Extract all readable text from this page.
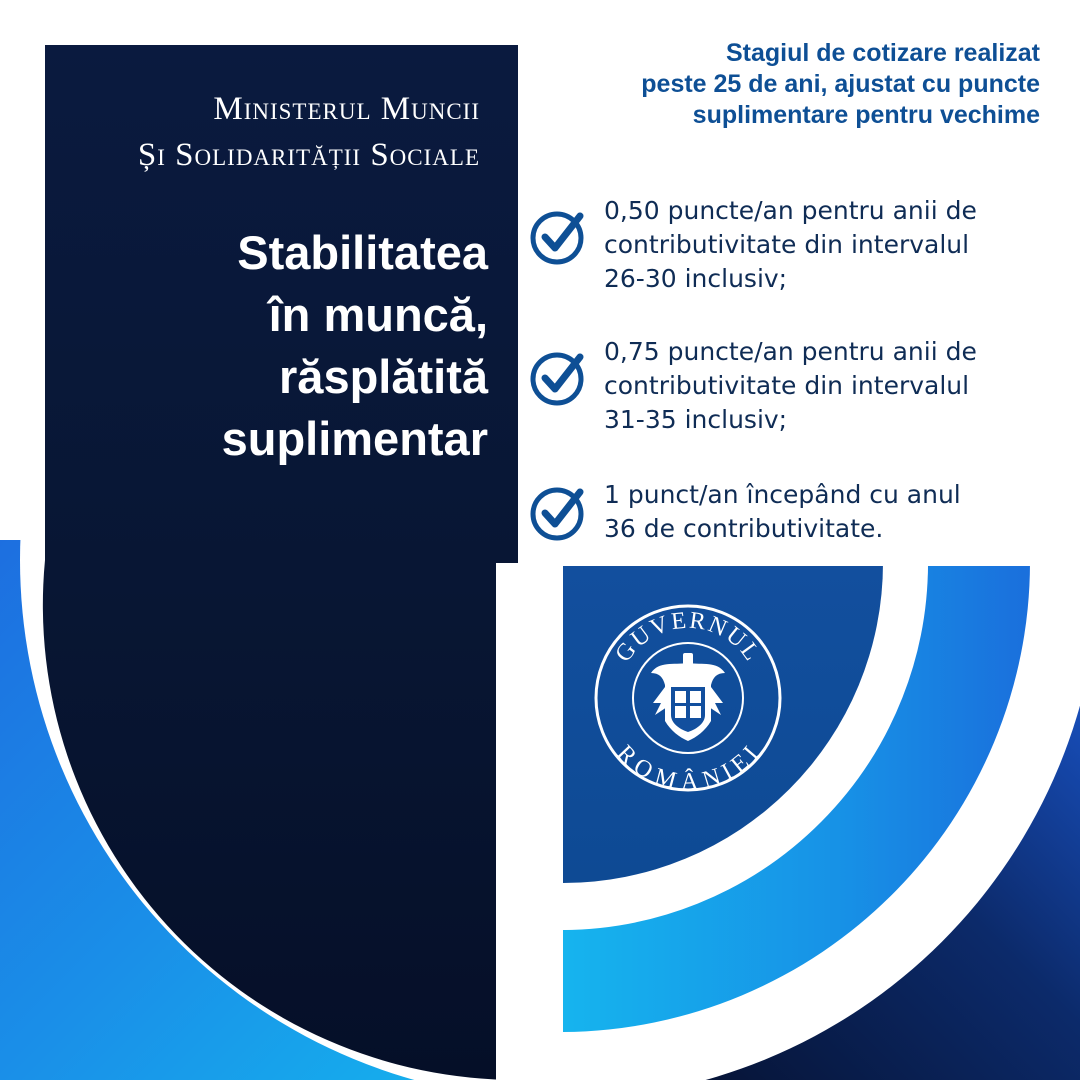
Ministerul Muncii
Și Solidarității Sociale
Stabilitatea
în muncă,
răsplătită
suplimentar
Stagiul de cotizare realizat
peste 25 de ani, ajustat cu puncte
suplimentare pentru vechime
0,50 puncte/an pentru anii de
contributivitate din intervalul
26-30 inclusiv;
0,75 puncte/an pentru anii de
contributivitate din intervalul
31-35 inclusiv;
1 punct/an începând cu anul
36 de contributivitate.
GUVERNUL
ROMÂNIEI
